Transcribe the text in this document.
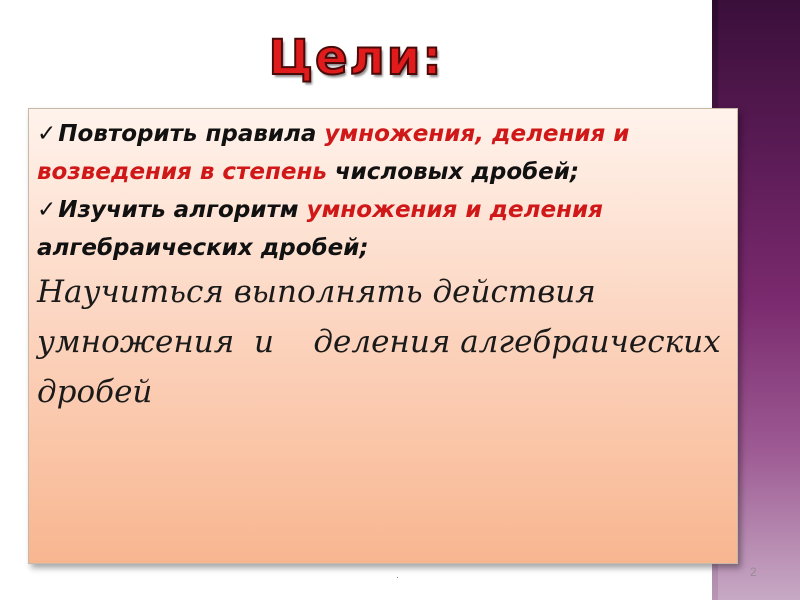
Цели:
✓Повторить правила умножения, деления и возведения в степень числовых дробей;
✓Изучить алгоритм умножения и деления алгебраических дробей;
Научиться выполнять действия умножения  и    деления алгебраических дробей
.	2
